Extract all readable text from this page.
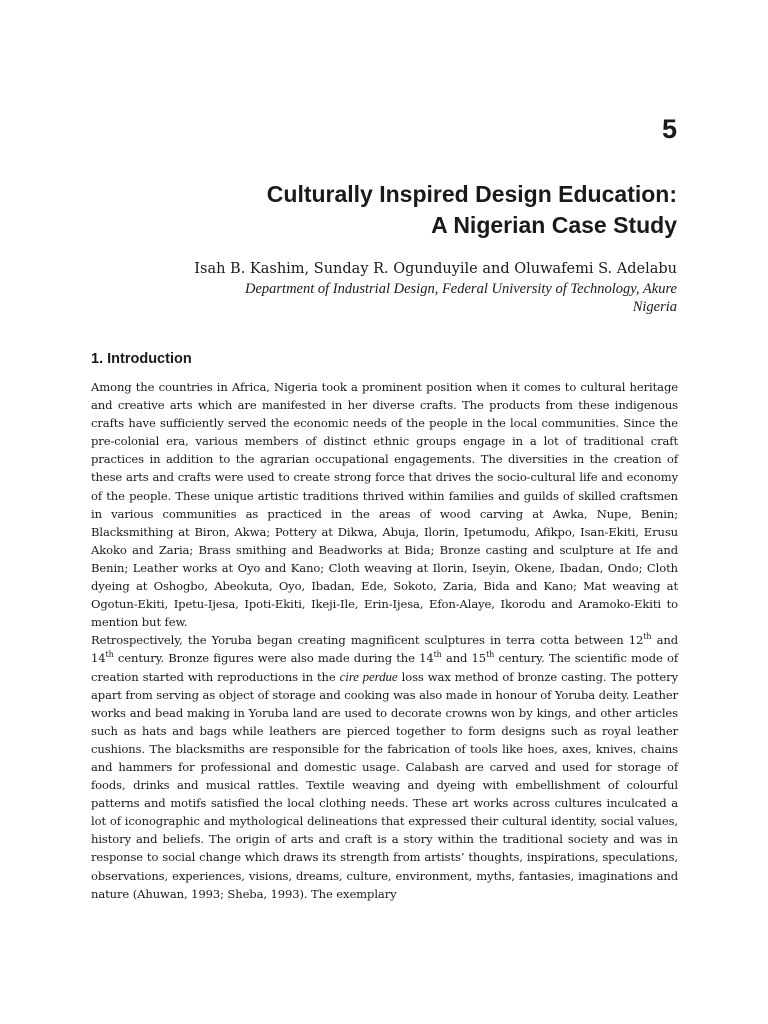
5
Culturally Inspired Design Education:
A Nigerian Case Study

Isah B. Kashim, Sunday R. Ogunduyile and Oluwafemi S. Adelabu

Department of Industrial Design, Federal University of Technology, Akure
Nigeria

1. Introduction

Among the countries in Africa, Nigeria took a prominent position when it comes to cultural heritage and creative arts which are manifested in her diverse crafts. The products from these indigenous crafts have sufficiently served the economic needs of the people in the local communities. Since the pre-colonial era, various members of distinct ethnic groups engage in a lot of traditional craft practices in addition to the agrarian occupational engagements. The diversities in the creation of these arts and crafts were used to create strong force that drives the socio-cultural life and economy of the people. These unique artistic traditions thrived within families and guilds of skilled craftsmen in various communities as practiced in the areas of wood carving at Awka, Nupe, Benin; Blacksmithing at Biron, Akwa; Pottery at Dikwa, Abuja, Ilorin, Ipetumodu, Afikpo, Isan-Ekiti, Erusu Akoko and Zaria; Brass smithing and Beadworks at Bida; Bronze casting and sculpture at Ife and Benin; Leather works at Oyo and Kano; Cloth weaving at Ilorin, Iseyin, Okene, Ibadan, Ondo; Cloth dyeing at Oshogbo, Abeokuta, Oyo, Ibadan, Ede, Sokoto, Zaria, Bida and Kano; Mat weaving at Ogotun-Ekiti, Ipetu-Ijesa, Ipoti-Ekiti, Ikeji-Ile, Erin-Ijesa, Efon-Alaye, Ikorodu and Aramoko-Ekiti to mention but few.

Retrospectively, the Yoruba began creating magnificent sculptures in terra cotta between 12th and 14th century. Bronze figures were also made during the 14th and 15th century. The scientific mode of creation started with reproductions in the cire perdue loss wax method of bronze casting. The pottery apart from serving as object of storage and cooking was also made in honour of Yoruba deity. Leather works and bead making in Yoruba land are used to decorate crowns won by kings, and other articles such as hats and bags while leathers are pierced together to form designs such as royal leather cushions. The blacksmiths are responsible for the fabrication of tools like hoes, axes, knives, chains and hammers for professional and domestic usage. Calabash are carved and used for storage of foods, drinks and musical rattles. Textile weaving and dyeing with embellishment of colourful patterns and motifs satisfied the local clothing needs. These art works across cultures inculcated a lot of iconographic and mythological delineations that expressed their cultural identity, social values, history and beliefs. The origin of arts and craft is a story within the traditional society and was in response to social change which draws its strength from artists’ thoughts, inspirations, speculations, observations, experiences, visions, dreams, culture, environment, myths, fantasies, imaginations and nature (Ahuwan, 1993; Sheba, 1993). The exemplary
